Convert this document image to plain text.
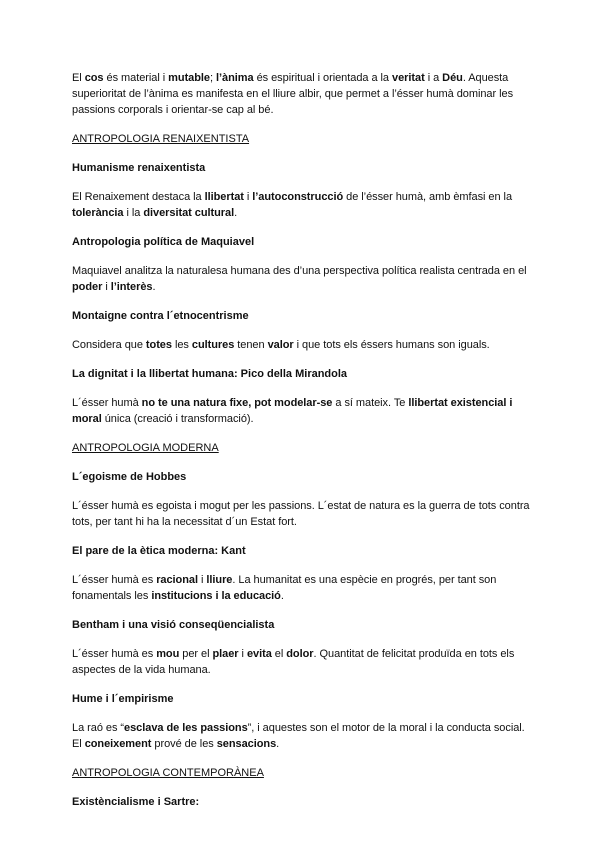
El cos és material i mutable; l’ànima és espiritual i orientada a la veritat i a Déu. Aquesta superioritat de l’ànima es manifesta en el lliure albir, que permet a l’ésser humà dominar les passions corporals i orientar-se cap al bé.
ANTROPOLOGIA RENAIXENTISTA
Humanisme renaixentista
El Renaixement destaca la llibertat i l’autoconstrucció de l’ésser humà, amb èmfasi en la tolerància i la diversitat cultural.
Antropologia política de Maquiavel
Maquiavel analitza la naturalesa humana des d’una perspectiva política realista centrada en el poder i l’interès.
Montaigne contra l´etnocentrisme
Considera que totes les cultures tenen valor i que tots els éssers humans son iguals.
La dignitat i la llibertat humana: Pico della Mirandola
L´ésser humà no te una natura fixe, pot modelar-se a sí mateix. Te llibertat existencial i moral única (creació i transformació).
ANTROPOLOGIA MODERNA
L´egoisme de Hobbes
L´ésser humà es egoista i mogut per les passions. L´estat de natura es la guerra de tots contra tots, per tant hi ha la necessitat d´un Estat fort.
El pare de la ètica moderna: Kant
L´ésser humà es racional i lliure. La humanitat es una espècie en progrés, per tant son fonamentals les institucions i la educació.
Bentham i una visió conseqüencialista
L´ésser humà es mou per el plaer i evita el dolor. Quantitat de felicitat produïda en tots els aspectes de la vida humana.
Hume i l´empirisme
La raó es “esclava de les passions”, i aquestes son el motor de la moral i la conducta social. El coneixement prové de les sensacions.
ANTROPOLOGIA CONTEMPORÀNEA
Existèncialisme i Sartre:
